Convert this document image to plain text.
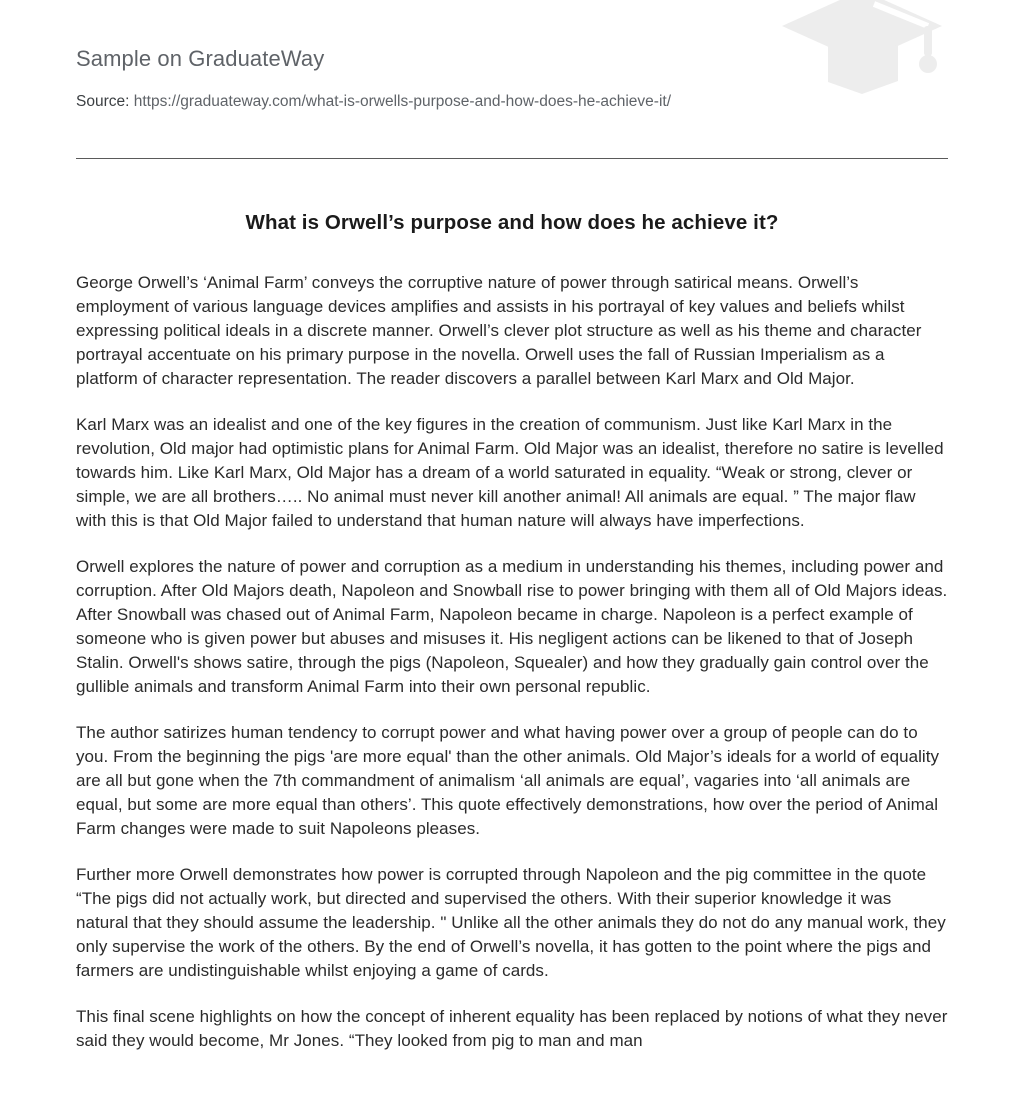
Sample on GraduateWay
Source: https://graduateway.com/what-is-orwells-purpose-and-how-does-he-achieve-it/
What is Orwell’s purpose and how does he achieve it?

George Orwell’s ‘Animal Farm’ conveys the corruptive nature of power through satirical means. Orwell’s employment of various language devices amplifies and assists in his portrayal of key values and beliefs whilst expressing political ideals in a discrete manner. Orwell’s clever plot structure as well as his theme and character portrayal accentuate on his primary purpose in the novella. Orwell uses the fall of Russian Imperialism as a platform of character representation. The reader discovers a parallel between Karl Marx and Old Major.

Karl Marx was an idealist and one of the key figures in the creation of communism. Just like Karl Marx in the revolution, Old major had optimistic plans for Animal Farm. Old Major was an idealist, therefore no satire is levelled towards him. Like Karl Marx, Old Major has a dream of a world saturated in equality. “Weak or strong, clever or simple, we are all brothers….. No animal must never kill another animal! All animals are equal. ” The major flaw with this is that Old Major failed to understand that human nature will always have imperfections.

Orwell explores the nature of power and corruption as a medium in understanding his themes, including power and corruption. After Old Majors death, Napoleon and Snowball rise to power bringing with them all of Old Majors ideas. After Snowball was chased out of Animal Farm, Napoleon became in charge. Napoleon is a perfect example of someone who is given power but abuses and misuses it. His negligent actions can be likened to that of Joseph Stalin. Orwell's shows satire, through the pigs (Napoleon, Squealer) and how they gradually gain control over the gullible animals and transform Animal Farm into their own personal republic.

The author satirizes human tendency to corrupt power and what having power over a group of people can do to you. From the beginning the pigs 'are more equal' than the other animals. Old Major’s ideals for a world of equality are all but gone when the 7th commandment of animalism ‘all animals are equal’, vagaries into ‘all animals are equal, but some are more equal than others’. This quote effectively demonstrations, how over the period of Animal Farm changes were made to suit Napoleons pleases.

Further more Orwell demonstrates how power is corrupted through Napoleon and the pig committee in the quote “The pigs did not actually work, but directed and supervised the others. With their superior knowledge it was natural that they should assume the leadership. " Unlike all the other animals they do not do any manual work, they only supervise the work of the others. By the end of Orwell’s novella, it has gotten to the point where the pigs and farmers are undistinguishable whilst enjoying a game of cards.

This final scene highlights on how the concept of inherent equality has been replaced by notions of what they never said they would become, Mr Jones. “They looked from pig to man and man
